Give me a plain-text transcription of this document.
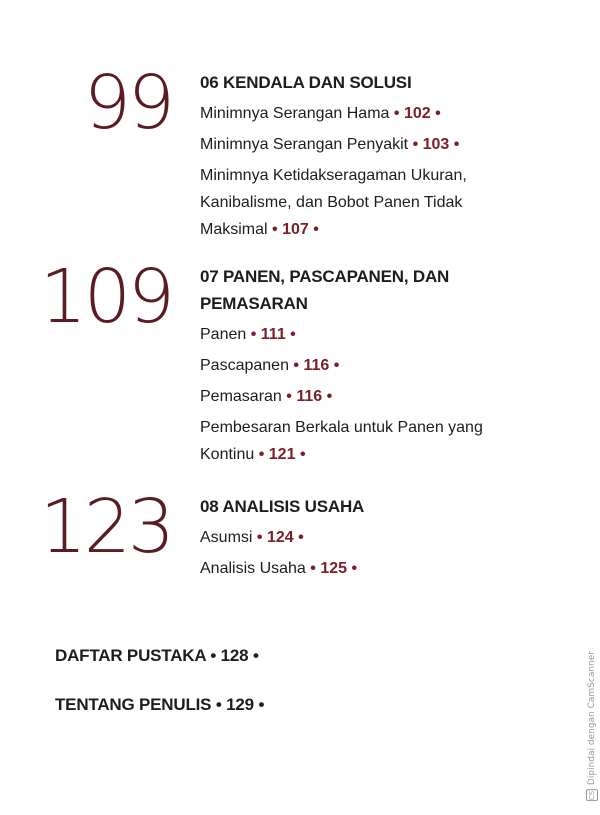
99 06 KENDALA DAN SOLUSI
Minimnya Serangan Hama • 102 •
Minimnya Serangan Penyakit • 103 •
Minimnya Ketidakseragaman Ukuran,
Kanibalisme, dan Bobot Panen Tidak
Maksimal • 107 •
109 07 PANEN, PASCAPANEN, DAN
PEMASARAN
Panen • 111 •
Pascapanen • 116 •
Pemasaran • 116 •
Pembesaran Berkala untuk Panen yang
Kontinu • 121 •
123 08 ANALISIS USAHA
Asumsi • 124 •
Analisis Usaha • 125 •
DAFTAR PUSTAKA • 128 •
TENTANG PENULIS • 129 •
CS
Dipindai dengan CamScanner
